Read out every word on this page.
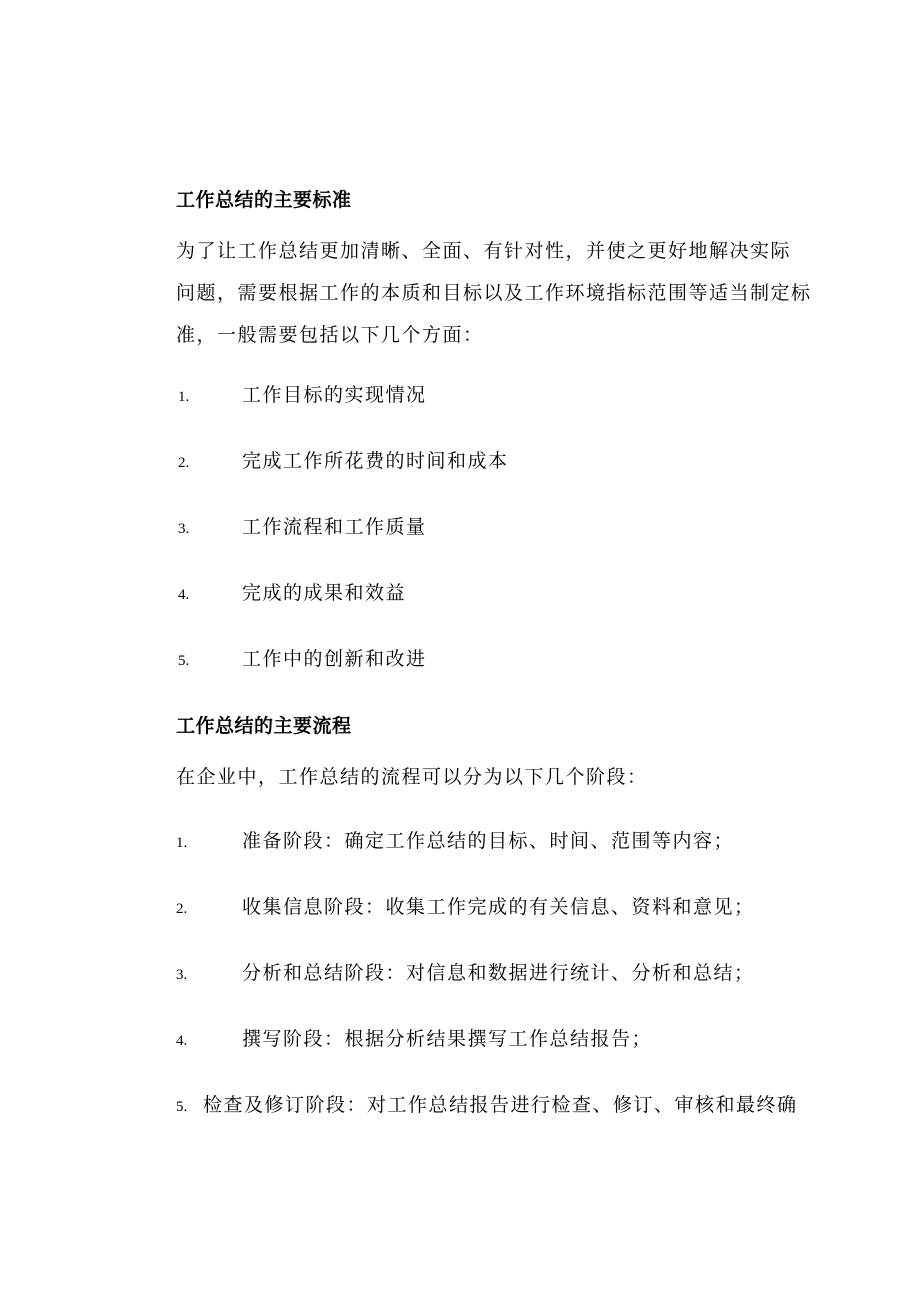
工作总结的主要标准
为了让工作总结更加清晰、全面、有针对性，并使之更好地解决实际
问题，需要根据工作的本质和目标以及工作环境指标范围等适当制定标
准，一般需要包括以下几个方面：
1.	工作目标的实现情况
2.	完成工作所花费的时间和成本
3.	工作流程和工作质量
4.	完成的成果和效益
5.	工作中的创新和改进
工作总结的主要流程
在企业中，工作总结的流程可以分为以下几个阶段：
1.	准备阶段：确定工作总结的目标、时间、范围等内容；
2.	收集信息阶段：收集工作完成的有关信息、资料和意见；
3.	分析和总结阶段：对信息和数据进行统计、分析和总结；
4.	撰写阶段：根据分析结果撰写工作总结报告；
5. 检查及修订阶段：对工作总结报告进行检查、修订、审核和最终确
